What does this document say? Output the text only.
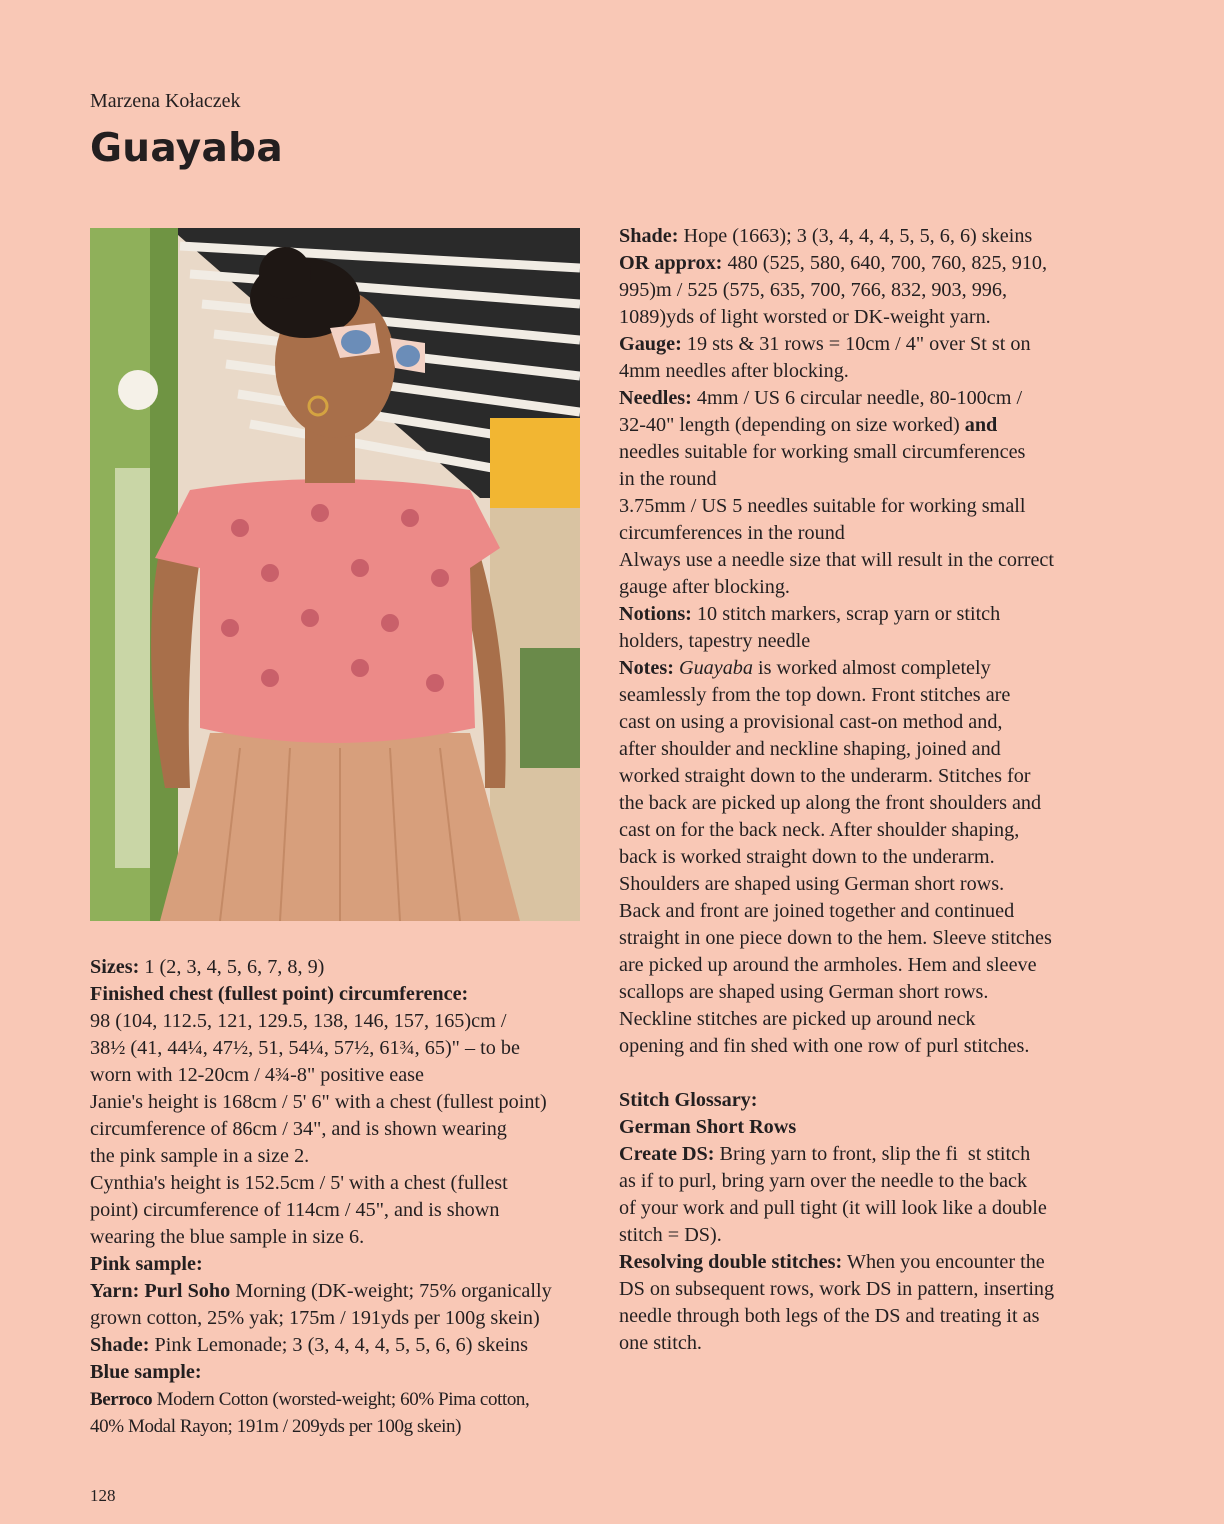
Marzena Kołaczek
Guayaba

Sizes: 1 (2, 3, 4, 5, 6, 7, 8, 9)

Finished chest (fullest point) circumference:

98 (104, 112.5, 121, 129.5, 138, 146, 157, 165)cm /

38½ (41, 44¼, 47½, 51, 54¼, 57½, 61¾, 65)" – to be

worn with 12-20cm / 4¾-8" positive ease

Janie's height is 168cm / 5' 6" with a chest (fullest point)

circumference of 86cm / 34", and is shown wearing

the pink sample in a size 2.

Cynthia's height is 152.5cm / 5' with a chest (fullest

point) circumference of 114cm / 45", and is shown

wearing the blue sample in size 6.

Pink sample:

Yarn: Purl Soho Morning (DK-weight; 75% organically

grown cotton, 25% yak; 175m / 191yds per 100g skein)

Shade: Pink Lemonade; 3 (3, 4, 4, 4, 5, 5, 6, 6) skeins

Blue sample:

Berroco Modern Cotton (worsted-weight; 60% Pima cotton,

40% Modal Rayon; 191m / 209yds per 100g skein)

Shade: Hope (1663); 3 (3, 4, 4, 4, 5, 5, 6, 6) skeins

OR approx: 480 (525, 580, 640, 700, 760, 825, 910,

995)m / 525 (575, 635, 700, 766, 832, 903, 996,

1089)yds of light worsted or DK-weight yarn.

Gauge: 19 sts & 31 rows = 10cm / 4" over St st on

4mm needles after blocking.

Needles: 4mm / US 6 circular needle, 80-100cm /

32-40" length (depending on size worked) and

needles suitable for working small circumferences

in the round

3.75mm / US 5 needles suitable for working small

circumferences in the round

Always use a needle size that will result in the correct

gauge after blocking.

Notions: 10 stitch markers, scrap yarn or stitch

holders, tapestry needle

Notes: Guayaba is worked almost completely

seamlessly from the top down. Front stitches are

cast on using a provisional cast-on method and,

after shoulder and neckline shaping, joined and

worked straight down to the underarm. Stitches for

the back are picked up along the front shoulders and

cast on for the back neck. After shoulder shaping,

back is worked straight down to the underarm.

Shoulders are shaped using German short rows.

Back and front are joined together and continued

straight in one piece down to the hem. Sleeve stitches

are picked up around the armholes. Hem and sleeve

scallops are shaped using German short rows.

Neckline stitches are picked up around neck

opening and fin shed with one row of purl stitches.

Stitch Glossary:

German Short Rows

Create DS: Bring yarn to front, slip the fi  st stitch

as if to purl, bring yarn over the needle to the back

of your work and pull tight (it will look like a double

stitch = DS).

Resolving double stitches: When you encounter the

DS on subsequent rows, work DS in pattern, inserting

needle through both legs of the DS and treating it as

one stitch.

128
